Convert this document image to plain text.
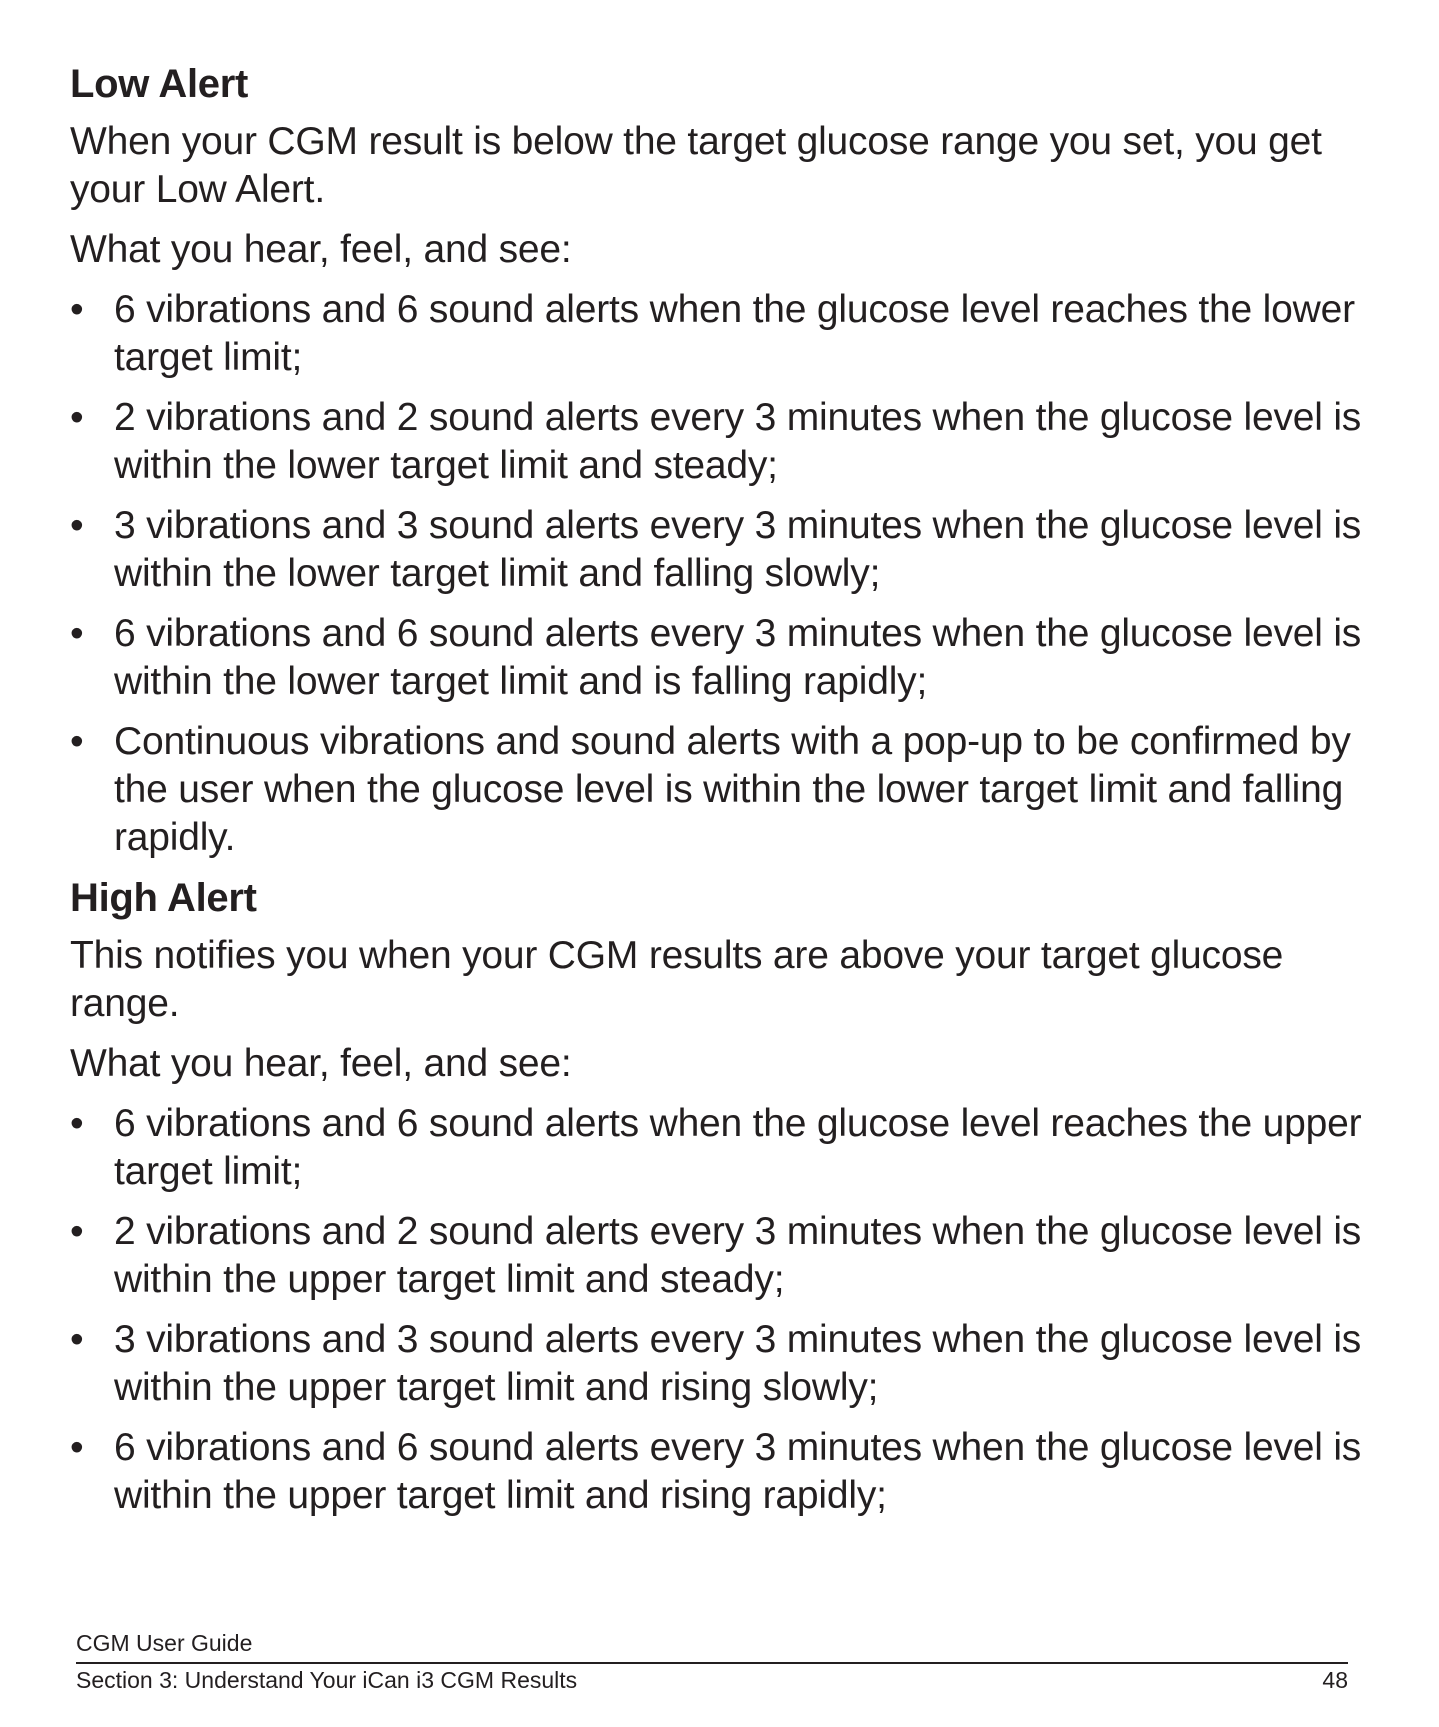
Low Alert

When your CGM result is below the target glucose range you set, you get your Low Alert.

What you hear, feel, and see:

• 6 vibrations and 6 sound alerts when the glucose level reaches the lower target limit;
• 2 vibrations and 2 sound alerts every 3 minutes when the glucose level is within the lower target limit and steady;
• 3 vibrations and 3 sound alerts every 3 minutes when the glucose level is within the lower target limit and falling slowly;
• 6 vibrations and 6 sound alerts every 3 minutes when the glucose level is within the lower target limit and is falling rapidly;
• Continuous vibrations and sound alerts with a pop-up to be confirmed by the user when the glucose level is within the lower target limit and falling rapidly.
High Alert

This notifies you when your CGM results are above your target glucose range.

What you hear, feel, and see:

• 6 vibrations and 6 sound alerts when the glucose level reaches the upper target limit;
• 2 vibrations and 2 sound alerts every 3 minutes when the glucose level is within the upper target limit and steady;
• 3 vibrations and 3 sound alerts every 3 minutes when the glucose level is within the upper target limit and rising slowly;
• 6 vibrations and 6 sound alerts every 3 minutes when the glucose level is within the upper target limit and rising rapidly;
CGM User Guide
Section 3: Understand Your iCan i3 CGM Results	48
